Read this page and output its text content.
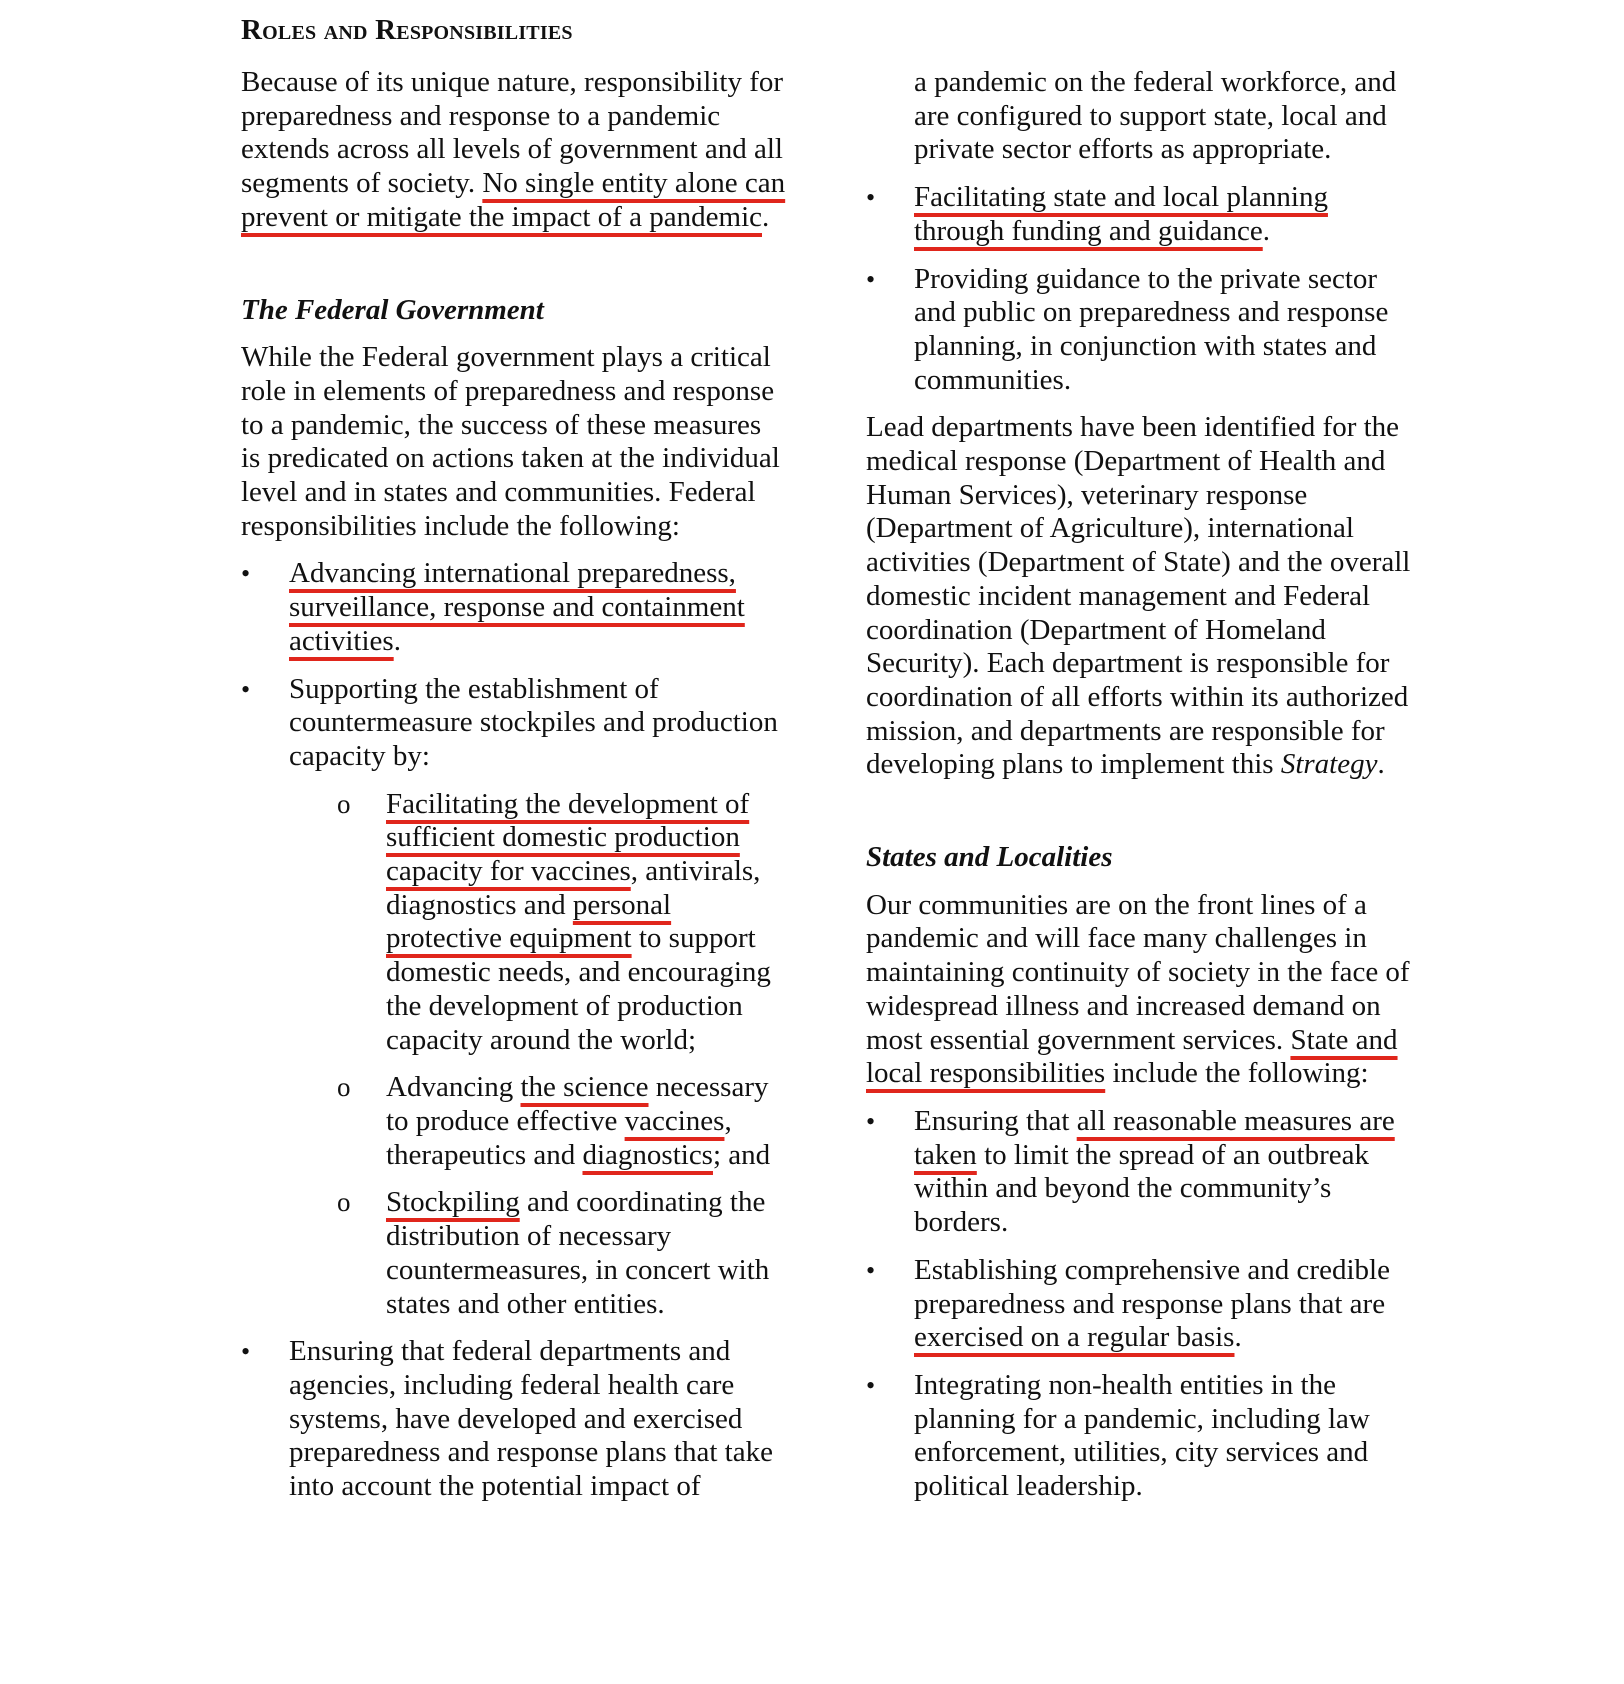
Roles and Responsibilities

Because of its unique nature, responsibility for preparedness and response to a pandemic extends across all levels of government and all segments of society. No single entity alone can prevent or mitigate the impact of a pandemic.

The Federal Government

While the Federal government plays a critical role in elements of preparedness and response to a pandemic, the success of these measures is predicated on actions taken at the individual level and in states and communities. Federal responsibilities include the following:

• Advancing international preparedness, surveillance, response and containment activities.
• Supporting the establishment of countermeasure stockpiles and production capacity by:
o Facilitating the development of sufficient domestic production capacity for vaccines, antivirals, diagnostics and personal protective equipment to support domestic needs, and encouraging the development of production capacity around the world;
o Advancing the science necessary to produce effective vaccines, therapeutics and diagnostics; and
o Stockpiling and coordinating the distribution of necessary countermeasures, in concert with states and other entities.
• Ensuring that federal departments and agencies, including federal health care systems, have developed and exercised preparedness and response plans that take into account the potential impact of

a pandemic on the federal workforce, and are configured to support state, local and private sector efforts as appropriate.

• Facilitating state and local planning through funding and guidance.
• Providing guidance to the private sector and public on preparedness and response planning, in conjunction with states and communities.

Lead departments have been identified for the medical response (Department of Health and Human Services), veterinary response (Department of Agriculture), international activities (Department of State) and the overall domestic incident management and Federal coordination (Department of Homeland Security). Each department is responsible for coordination of all efforts within its authorized mission, and departments are responsible for developing plans to implement this Strategy.

States and Localities

Our communities are on the front lines of a pandemic and will face many challenges in maintaining continuity of society in the face of widespread illness and increased demand on most essential government services. State and local responsibilities include the following:

• Ensuring that all reasonable measures are taken to limit the spread of an outbreak within and beyond the community’s borders.
• Establishing comprehensive and credible preparedness and response plans that are exercised on a regular basis.
• Integrating non-health entities in the planning for a pandemic, including law enforcement, utilities, city services and political leadership.
